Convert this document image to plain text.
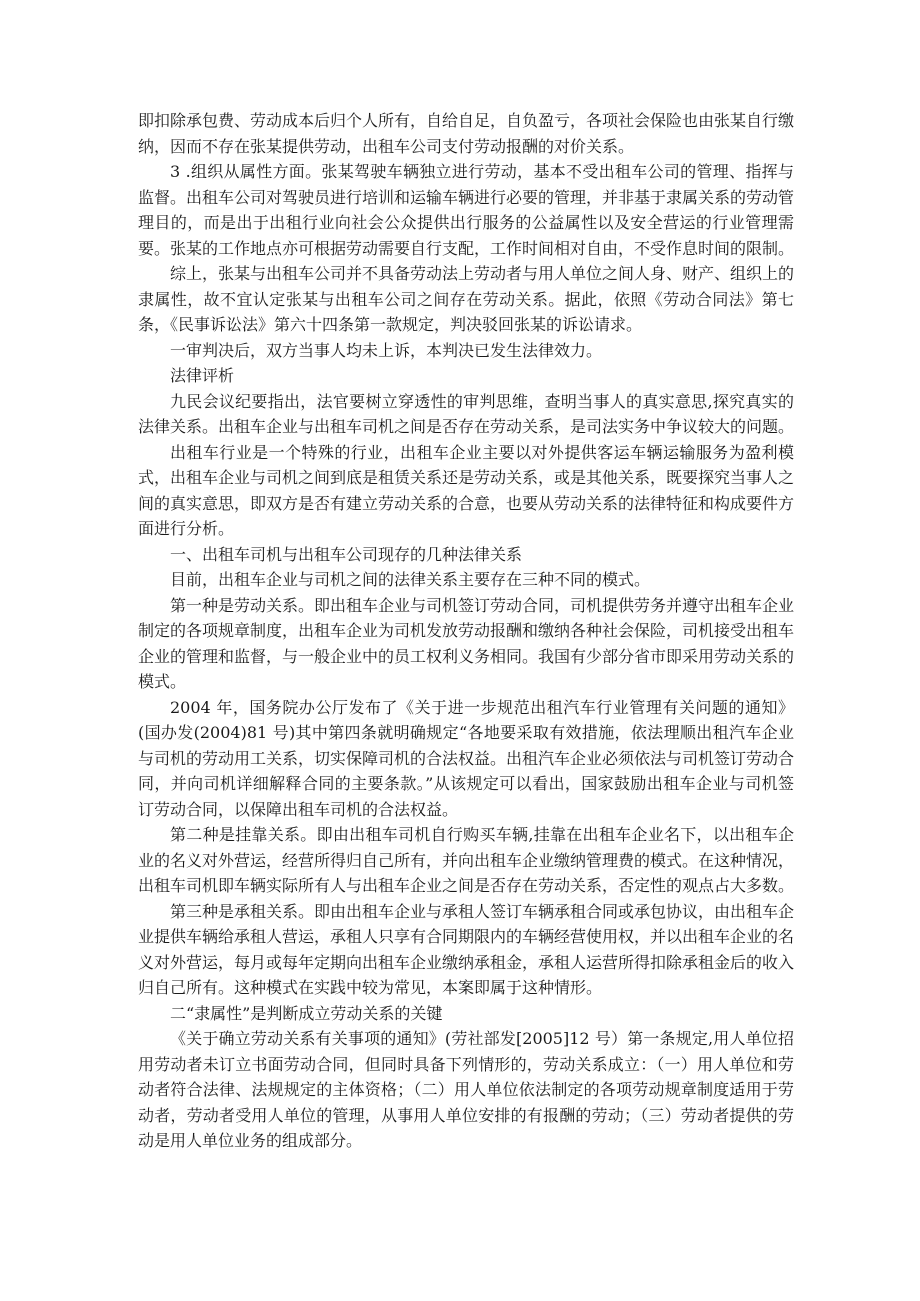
即扣除承包费、劳动成本后归个人所有，自给自足，自负盈亏，各项社会保险也由张某自行缴纳，因而不存在张某提供劳动，出租车公司支付劳动报酬的对价关系。

3 .组织从属性方面。张某驾驶车辆独立进行劳动，基本不受出租车公司的管理、指挥与监督。出租车公司对驾驶员进行培训和运输车辆进行必要的管理，并非基于隶属关系的劳动管理目的，而是出于出租行业向社会公众提供出行服务的公益属性以及安全营运的行业管理需要。张某的工作地点亦可根据劳动需要自行支配，工作时间相对自由，不受作息时间的限制。

综上，张某与出租车公司并不具备劳动法上劳动者与用人单位之间人身、财产、组织上的隶属性，故不宜认定张某与出租车公司之间存在劳动关系。据此，依照《劳动合同法》第七条，《民事诉讼法》第六十四条第一款规定，判决驳回张某的诉讼请求。

一审判决后，双方当事人均未上诉，本判决已发生法律效力。

法律评析

九民会议纪要指出，法官要树立穿透性的审判思维，查明当事人的真实意思,探究真实的法律关系。出租车企业与出租车司机之间是否存在劳动关系，是司法实务中争议较大的问题。

出租车行业是一个特殊的行业，出租车企业主要以对外提供客运车辆运输服务为盈利模式，出租车企业与司机之间到底是租赁关系还是劳动关系，或是其他关系，既要探究当事人之间的真实意思，即双方是否有建立劳动关系的合意，也要从劳动关系的法律特征和构成要件方面进行分析。

一、出租车司机与出租车公司现存的几种法律关系

目前，出租车企业与司机之间的法律关系主要存在三种不同的模式。

第一种是劳动关系。即出租车企业与司机签订劳动合同，司机提供劳务并遵守出租车企业制定的各项规章制度，出租车企业为司机发放劳动报酬和缴纳各种社会保险，司机接受出租车企业的管理和监督，与一般企业中的员工权利义务相同。我国有少部分省市即采用劳动关系的模式。

2004 年，国务院办公厅发布了《关于进一步规范出租汽车行业管理有关问题的通知》(国办发(2004)81 号)其中第四条就明确规定“各地要采取有效措施，依法理顺出租汽车企业与司机的劳动用工关系，切实保障司机的合法权益。出租汽车企业必须依法与司机签订劳动合同，并向司机详细解释合同的主要条款。”从该规定可以看出，国家鼓励出租车企业与司机签订劳动合同，以保障出租车司机的合法权益。

第二种是挂靠关系。即由出租车司机自行购买车辆,挂靠在出租车企业名下，以出租车企业的名义对外营运，经营所得归自己所有，并向出租车企业缴纳管理费的模式。在这种情况，出租车司机即车辆实际所有人与出租车企业之间是否存在劳动关系，否定性的观点占大多数。

第三种是承租关系。即由出租车企业与承租人签订车辆承租合同或承包协议，由出租车企业提供车辆给承租人营运，承租人只享有合同期限内的车辆经营使用权，并以出租车企业的名义对外营运，每月或每年定期向出租车企业缴纳承租金，承租人运营所得扣除承租金后的收入归自己所有。这种模式在实践中较为常见，本案即属于这种情形。

二“隶属性”是判断成立劳动关系的关键

《关于确立劳动关系有关事项的通知》(劳社部发[2005]12 号）第一条规定,用人单位招用劳动者未订立书面劳动合同，但同时具备下列情形的，劳动关系成立：（一）用人单位和劳动者符合法律、法规规定的主体资格；（二）用人单位依法制定的各项劳动规章制度适用于劳动者，劳动者受用人单位的管理，从事用人单位安排的有报酬的劳动；（三）劳动者提供的劳动是用人单位业务的组成部分。
